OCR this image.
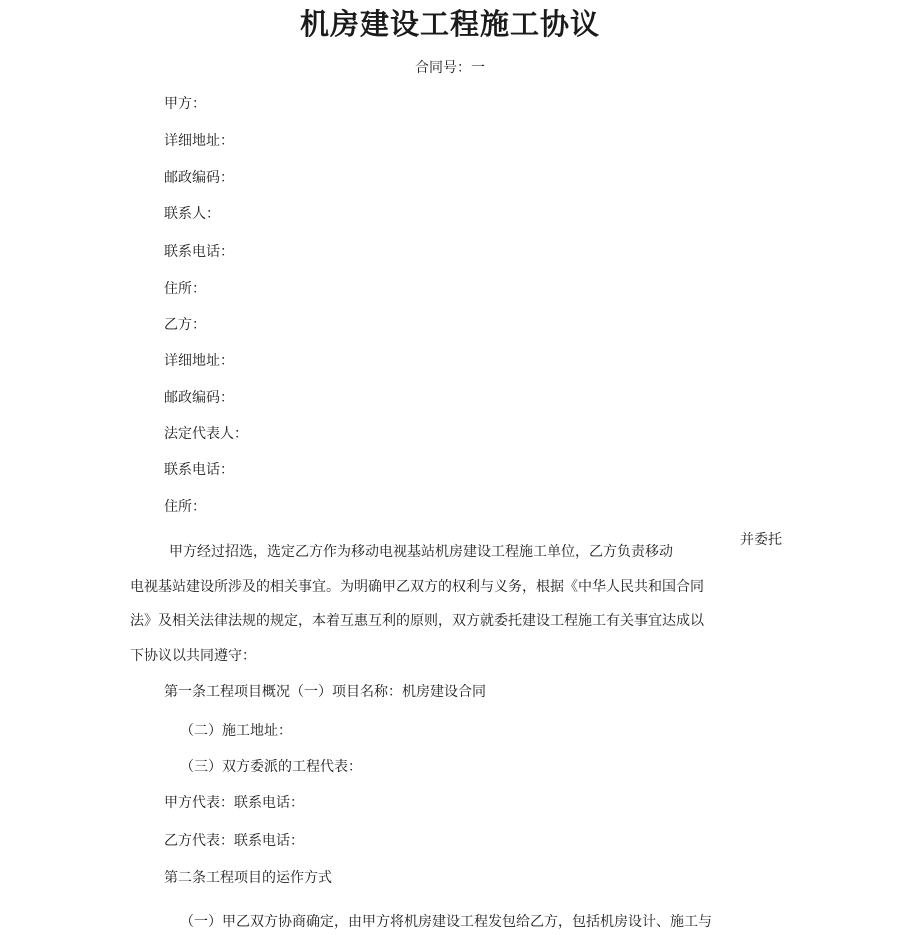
机房建设工程施工协议
合同号：一
甲方：
详细地址：
邮政编码：
联系人：
联系电话：
住所：
乙方：
详细地址：
邮政编码：
法定代表人：
联系电话：
住所：
并委托
甲方经过招选，选定乙方作为移动电视基站机房建设工程施工单位，乙方负责移动
电视基站建设所涉及的相关事宜。为明确甲乙双方的权利与义务，根据《中华人民共和国合同
法》及相关法律法规的规定，本着互惠互利的原则，双方就委托建设工程施工有关事宜达成以
下协议以共同遵守：
第一条工程项目概况（一）项目名称：机房建设合同
（二）施工地址：
（三）双方委派的工程代表：
甲方代表：联系电话：
乙方代表：联系电话：
第二条工程项目的运作方式
（一）甲乙双方协商确定，由甲方将机房建设工程发包给乙方，包括机房设计、施工与
